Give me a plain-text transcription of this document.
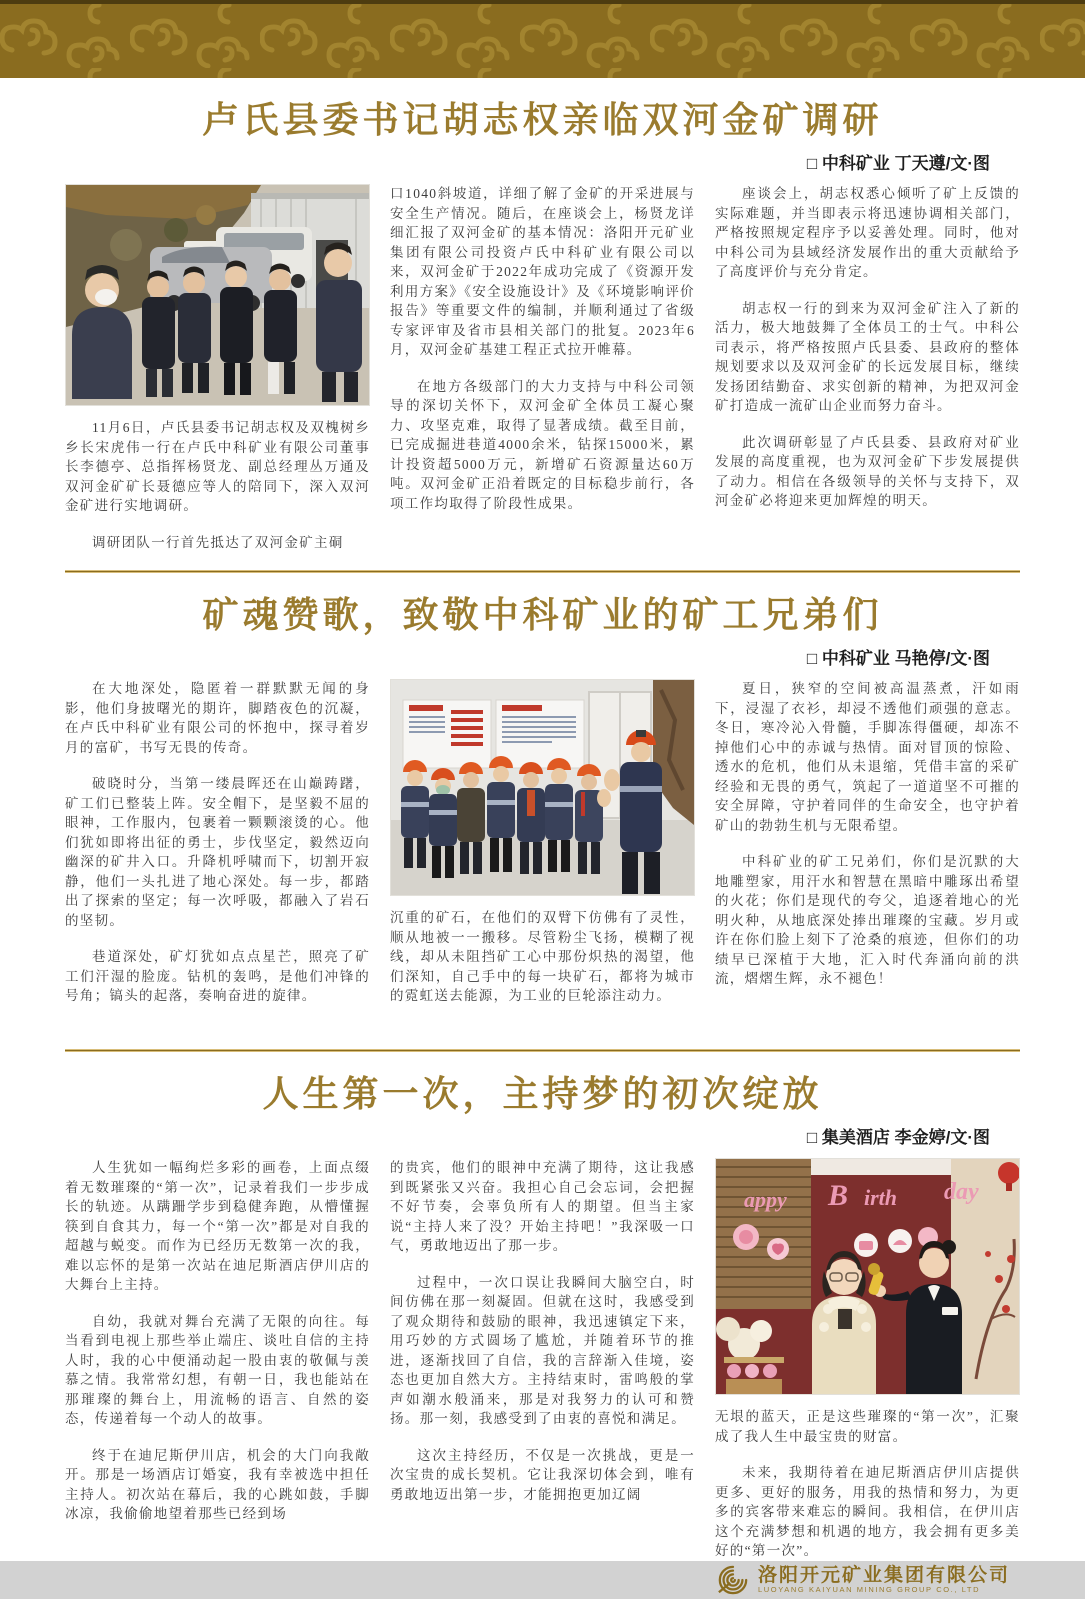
卢氏县委书记胡志权亲临双河金矿调研
□ 中科矿业 丁天遵/文·图

11月6日，卢氏县委书记胡志权及双槐树乡乡长宋虎伟一行在卢氏中科矿业有限公司董事长李德亭、总指挥杨贤龙、副总经理丛万通及双河金矿矿长聂德应等人的陪同下，深入双河金矿进行实地调研。

调研团队一行首先抵达了双河金矿主硐

口1040斜坡道，详细了解了金矿的开采进展与安全生产情况。随后，在座谈会上，杨贤龙详细汇报了双河金矿的基本情况：洛阳开元矿业集团有限公司投资卢氏中科矿业有限公司以来，双河金矿于2022年成功完成了《资源开发利用方案》《安全设施设计》及《环境影响评价报告》等重要文件的编制，并顺利通过了省级专家评审及省市县相关部门的批复。2023年6月，双河金矿基建工程正式拉开帷幕。

在地方各级部门的大力支持与中科公司领导的深切关怀下，双河金矿全体员工凝心聚力、攻坚克难，取得了显著成绩。截至目前，已完成掘进巷道4000余米，钻探15000米，累计投资超5000万元，新增矿石资源量达60万吨。双河金矿正沿着既定的目标稳步前行，各项工作均取得了阶段性成果。

座谈会上，胡志权悉心倾听了矿上反馈的实际难题，并当即表示将迅速协调相关部门，严格按照规定程序予以妥善处理。同时，他对中科公司为县域经济发展作出的重大贡献给予了高度评价与充分肯定。

胡志权一行的到来为双河金矿注入了新的活力，极大地鼓舞了全体员工的士气。中科公司表示，将严格按照卢氏县委、县政府的整体规划要求以及双河金矿的长远发展目标，继续发扬团结勤奋、求实创新的精神，为把双河金矿打造成一流矿山企业而努力奋斗。

此次调研彰显了卢氏县委、县政府对矿业发展的高度重视，也为双河金矿下步发展提供了动力。相信在各级领导的关怀与支持下，双河金矿必将迎来更加辉煌的明天。

矿魂赞歌，致敬中科矿业的矿工兄弟们
□ 中科矿业 马艳停/文·图

在大地深处，隐匿着一群默默无闻的身影，他们身披曙光的期许，脚踏夜色的沉凝，在卢氏中科矿业有限公司的怀抱中，探寻着岁月的富矿，书写无畏的传奇。

破晓时分，当第一缕晨晖还在山巅踌躇，矿工们已整装上阵。安全帽下，是坚毅不屈的眼神，工作服内，包裹着一颗颗滚烫的心。他们犹如即将出征的勇士，步伐坚定，毅然迈向幽深的矿井入口。升降机呼啸而下，切割开寂静，他们一头扎进了地心深处。每一步，都踏出了探索的坚定；每一次呼吸，都融入了岩石的坚韧。

巷道深处，矿灯犹如点点星芒，照亮了矿工们汗湿的脸庞。钻机的轰鸣，是他们冲锋的号角；镐头的起落，奏响奋进的旋律。

沉重的矿石，在他们的双臂下仿佛有了灵性，顺从地被一一搬移。尽管粉尘飞扬，模糊了视线，却从未阻挡矿工心中那份炽热的渴望，他们深知，自己手中的每一块矿石，都将为城市的霓虹送去能源，为工业的巨轮添注动力。

夏日，狭窄的空间被高温蒸煮，汗如雨下，浸湿了衣衫，却浸不透他们顽强的意志。冬日，寒冷沁入骨髓，手脚冻得僵硬，却冻不掉他们心中的赤诚与热情。面对冒顶的惊险、透水的危机，他们从未退缩，凭借丰富的采矿经验和无畏的勇气，筑起了一道道坚不可摧的安全屏障，守护着同伴的生命安全，也守护着矿山的勃勃生机与无限希望。

中科矿业的矿工兄弟们，你们是沉默的大地雕塑家，用汗水和智慧在黑暗中雕琢出希望的火花；你们是现代的夸父，追逐着地心的光明火种，从地底深处捧出璀璨的宝藏。岁月或许在你们脸上刻下了沧桑的痕迹，但你们的功绩早已深植于大地，汇入时代奔涌向前的洪流，熠熠生辉，永不褪色！

人生第一次，主持梦的初次绽放
□ 集美酒店 李金婷/文·图

人生犹如一幅绚烂多彩的画卷，上面点缀着无数璀璨的“第一次”，记录着我们一步步成长的轨迹。从蹒跚学步到稳健奔跑，从懵懂握筷到自食其力，每一个“第一次”都是对自我的超越与蜕变。而作为已经历无数第一次的我，难以忘怀的是第一次站在迪尼斯酒店伊川店的大舞台上主持。

自幼，我就对舞台充满了无限的向往。每当看到电视上那些举止端庄、谈吐自信的主持人时，我的心中便涌动起一股由衷的敬佩与羡慕之情。我常常幻想，有朝一日，我也能站在那璀璨的舞台上，用流畅的语言、自然的姿态，传递着每一个动人的故事。

终于在迪尼斯伊川店，机会的大门向我敞开。那是一场酒店订婚宴，我有幸被选中担任主持人。初次站在幕后，我的心跳如鼓，手脚冰凉，我偷偷地望着那些已经到场

的贵宾，他们的眼神中充满了期待，这让我感到既紧张又兴奋。我担心自己会忘词，会把握不好节奏，会辜负所有人的期望。但当主家说“主持人来了没？开始主持吧！”我深吸一口气，勇敢地迈出了那一步。

过程中，一次口误让我瞬间大脑空白，时间仿佛在那一刻凝固。但就在这时，我感受到了观众期待和鼓励的眼神，我迅速镇定下来，用巧妙的方式圆场了尴尬，并随着环节的推进，逐渐找回了自信，我的言辞渐入佳境，姿态也更加自然大方。主持结束时，雷鸣般的掌声如潮水般涌来，那是对我努力的认可和赞扬。那一刻，我感受到了由衷的喜悦和满足。

这次主持经历，不仅是一次挑战，更是一次宝贵的成长契机。它让我深切体会到，唯有勇敢地迈出第一步，才能拥抱更加辽阔

appy B irth day

无垠的蓝天，正是这些璀璨的“第一次”，汇聚成了我人生中最宝贵的财富。

未来，我期待着在迪尼斯酒店伊川店提供更多、更好的服务，用我的热情和努力，为更多的宾客带来难忘的瞬间。我相信，在伊川店这个充满梦想和机遇的地方，我会拥有更多美好的“第一次”。

洛阳开元矿业集团有限公司
LUOYANG KAIYUAN MINING GROUP CO., LTD
